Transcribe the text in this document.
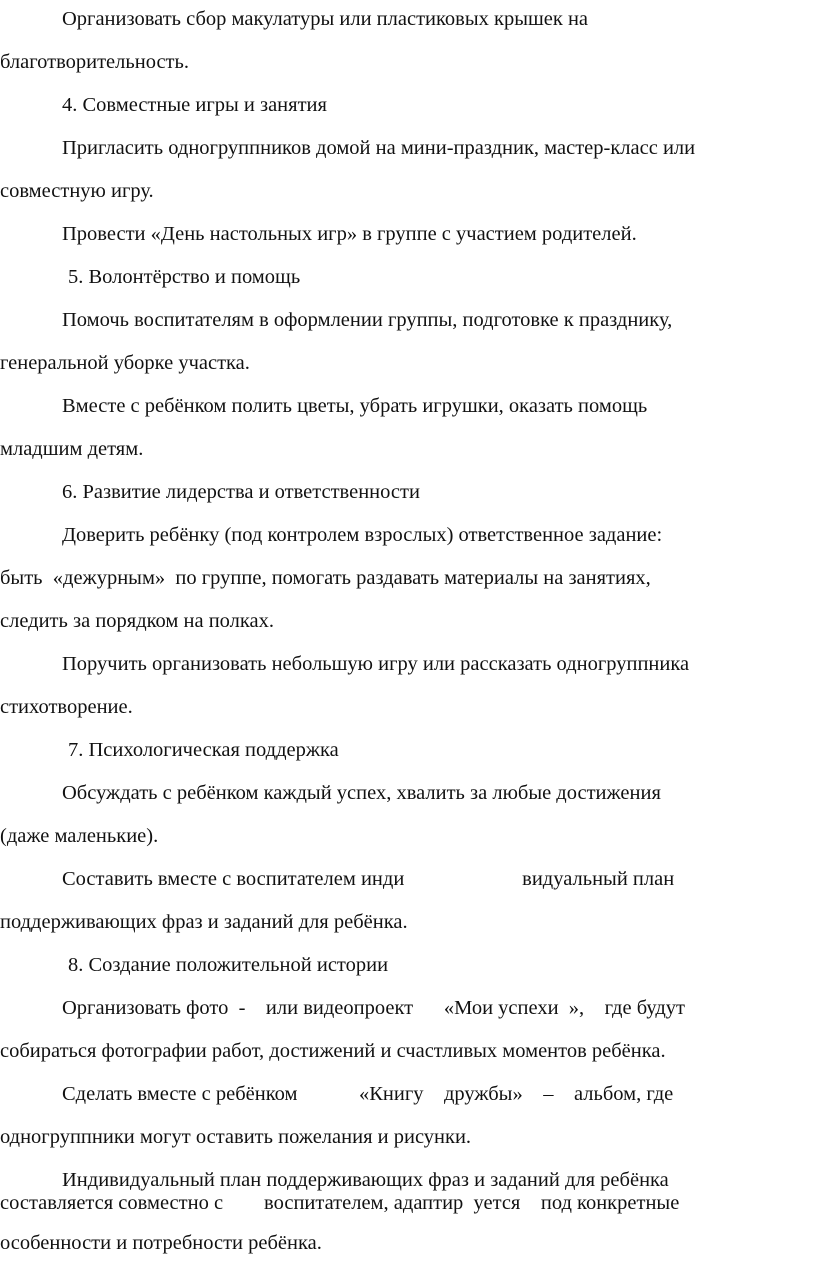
Организовать сбор макулатуры или пластиковых крышек на
благотворительность.
4. Совместные игры и занятия
Пригласить одногруппников домой на мини‑праздник, мастер‑класс или
совместную игру.
Провести «День настольных игр» в группе с участием родителей.
5. Волонтёрство и помощь
Помочь воспитателям в оформлении группы, подготовке к празднику,
генеральной уборке участка.
Вместе с ребёнком полить цветы, убрать игрушки, оказать помощь
младшим детям.
6. Развитие лидерства и ответственности
Доверить ребёнку (под контролем взрослых) ответственное задание:
быть  «дежурным»  по группе, помогать раздавать материалы на занятиях,
следить за порядком на полках.
Поручить организовать небольшую игру или рассказать одногруппника
стихотворение.
7. Психологическая поддержка
Обсуждать с ребёнком каждый успех, хвалить за любые достижения
(даже маленькие).
Составить вместе с воспитателем инди                       видуальный план
поддерживающих фраз и заданий для ребёнка.
8. Создание положительной истории
Организовать фото  -    или видеопроект      «Мои успехи  »,    где будут
собираться фотографии работ, достижений и счастливых моментов ребёнка.
Сделать вместе с ребёнком            «Книгу    дружбы»    –    альбом, где
одногруппники могут оставить пожелания и рисунки.
Индивидуальный план поддерживающих фраз и заданий для ребёнка
составляется совместно с        воспитателем, адаптир  уется    под конкретные
особенности и потребности ребёнка.
